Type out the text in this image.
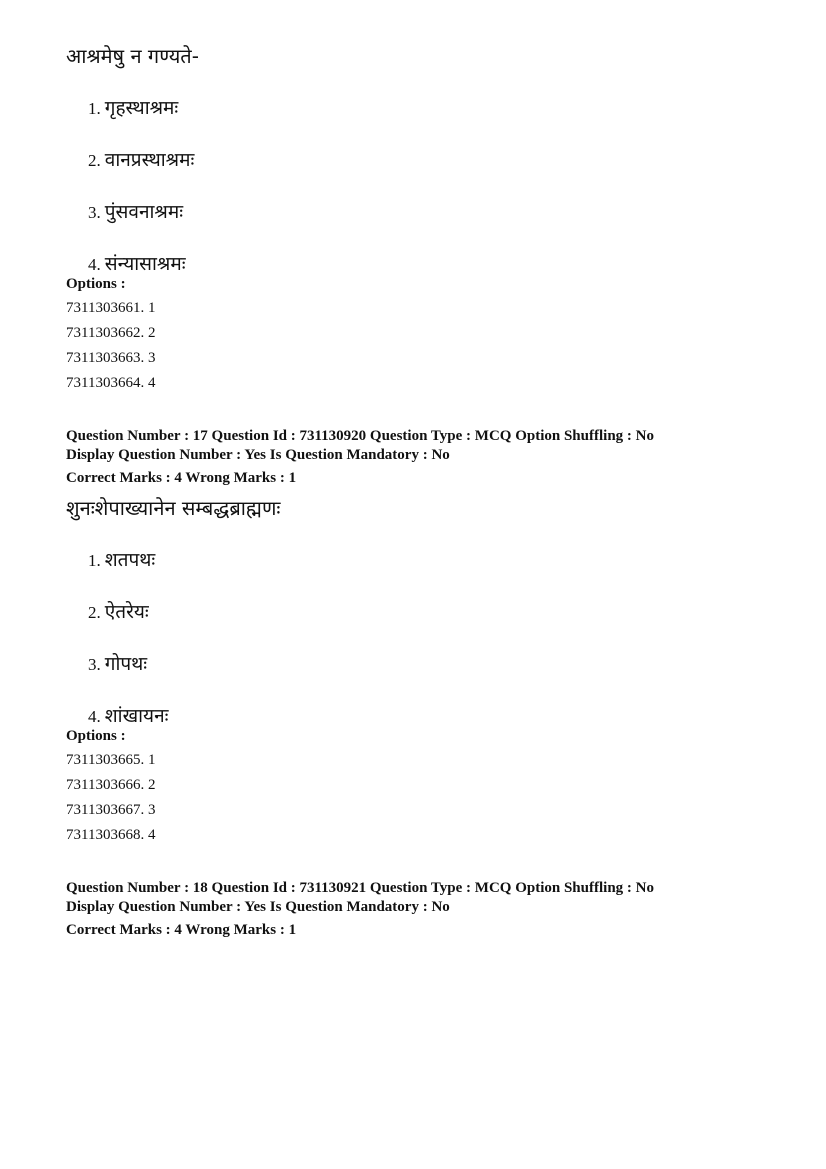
आश्रमेषु न गण्यते-
1. गृहस्थाश्रमः
2. वानप्रस्थाश्रमः
3. पुंसवनाश्रमः
4. संन्यासाश्रमः
Options :
7311303661. 1
7311303662. 2
7311303663. 3
7311303664. 4
Question Number : 17 Question Id : 731130920 Question Type : MCQ Option Shuffling : No
Display Question Number : Yes Is Question Mandatory : No
Correct Marks : 4 Wrong Marks : 1
शुनःशेपाख्यानेन सम्बद्धब्राह्मणः
1. शतपथः
2. ऐतरेयः
3. गोपथः
4. शांखायनः
Options :
7311303665. 1
7311303666. 2
7311303667. 3
7311303668. 4
Question Number : 18 Question Id : 731130921 Question Type : MCQ Option Shuffling : No
Display Question Number : Yes Is Question Mandatory : No
Correct Marks : 4 Wrong Marks : 1
